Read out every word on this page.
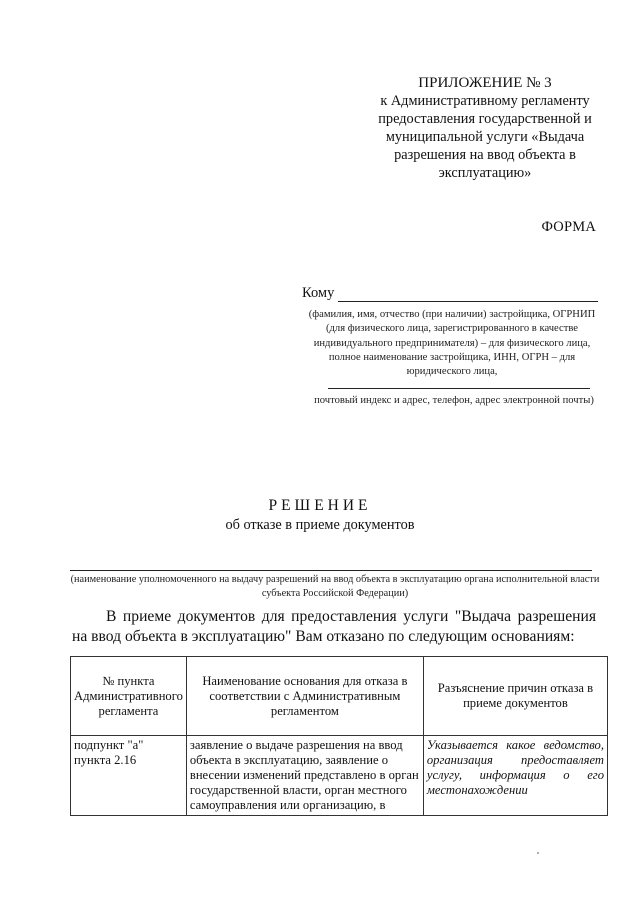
ПРИЛОЖЕНИЕ № 3
к Административному регламенту
предоставления государственной и
муниципальной услуги «Выдача
разрешения на ввод объекта в
эксплуатацию»
ФОРМА
Кому
(фамилия, имя, отчество (при наличии) застройщика, ОГРНИП (для физического лица, зарегистрированного в качестве индивидуального предпринимателя) – для физического лица, полное наименование застройщика, ИНН, ОГРН – для юридического лица,
почтовый индекс и адрес, телефон, адрес электронной почты)
РЕШЕНИЕ
об отказе в приеме документов
(наименование уполномоченного на выдачу разрешений на ввод объекта в эксплуатацию органа исполнительной власти субъекта Российской Федерации)
В приеме документов для предоставления услуги "Выдача разрешения на ввод объекта в эксплуатацию" Вам отказано по следующим основаниям:
№ пункта Административного регламента	Наименование основания для отказа в соответствии с Административным регламентом	Разъяснение причин отказа в приеме документов
подпункт "а" пункта 2.16	заявление о выдаче разрешения на ввод объекта в эксплуатацию, заявление о внесении изменений представлено в орган государственной власти, орган местного самоуправления или организацию, в	Указывается какое ведомство, организация предоставляет услугу, информация о его местонахождении
